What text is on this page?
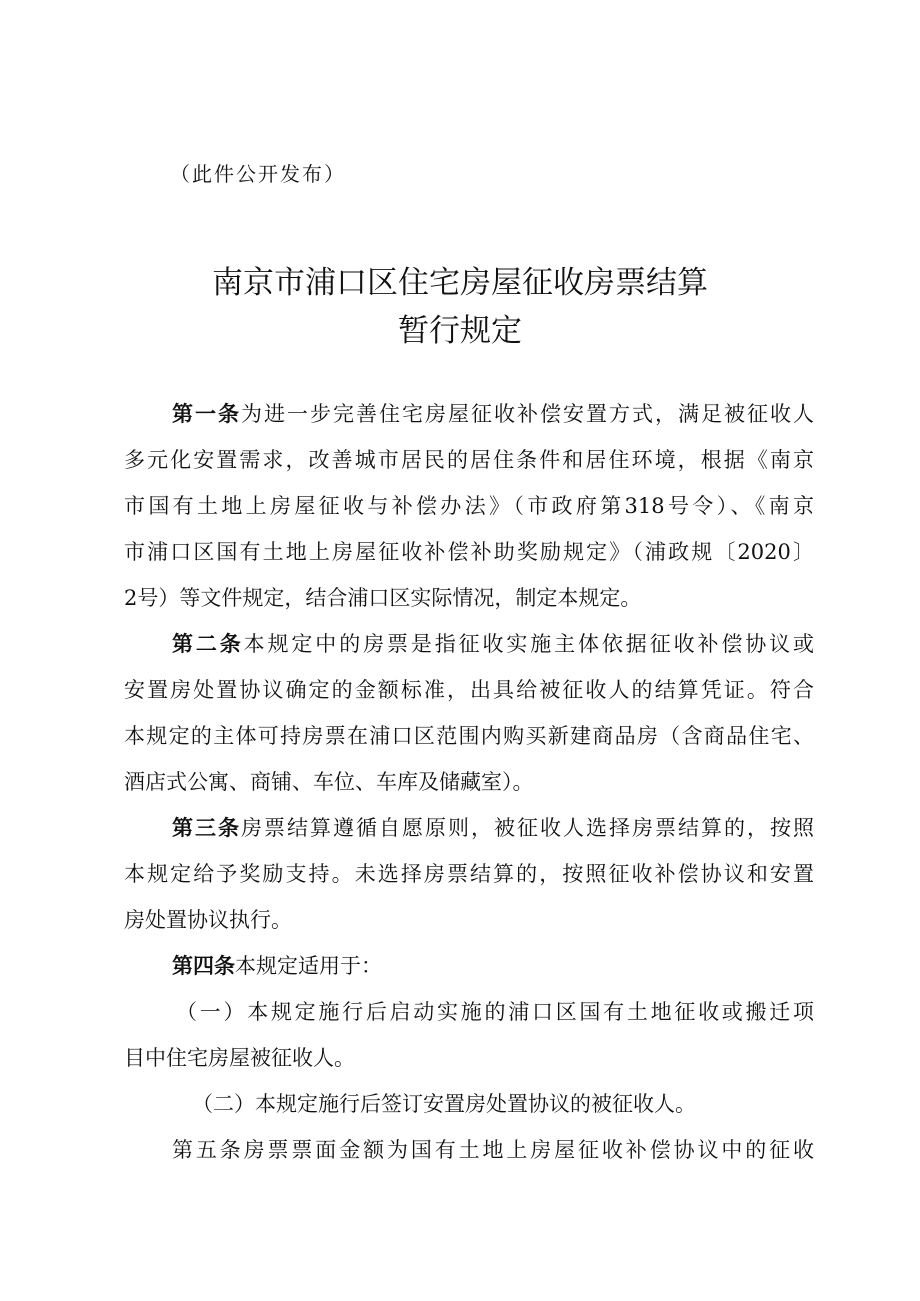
（此件公开发布）
南京市浦口区住宅房屋征收房票结算
暂行规定
第一条为进一步完善住宅房屋征收补偿安置方式，满足被征收人
多元化安置需求，改善城市居民的居住条件和居住环境，根据《南京
市国有土地上房屋征收与补偿办法》（市政府第318号令）、《南京
市浦口区国有土地上房屋征收补偿补助奖励规定》（浦政规〔2020〕
2号）等文件规定，结合浦口区实际情况，制定本规定。
第二条本规定中的房票是指征收实施主体依据征收补偿协议或
安置房处置协议确定的金额标准，出具给被征收人的结算凭证。符合
本规定的主体可持房票在浦口区范围内购买新建商品房（含商品住宅、
酒店式公寓、商铺、车位、车库及储藏室）。
第三条房票结算遵循自愿原则，被征收人选择房票结算的，按照
本规定给予奖励支持。未选择房票结算的，按照征收补偿协议和安置
房处置协议执行。
第四条本规定适用于：
（一）本规定施行后启动实施的浦口区国有土地征收或搬迁项
目中住宅房屋被征收人。
（二）本规定施行后签订安置房处置协议的被征收人。
第五条房票票面金额为国有土地上房屋征收补偿协议中的征收
